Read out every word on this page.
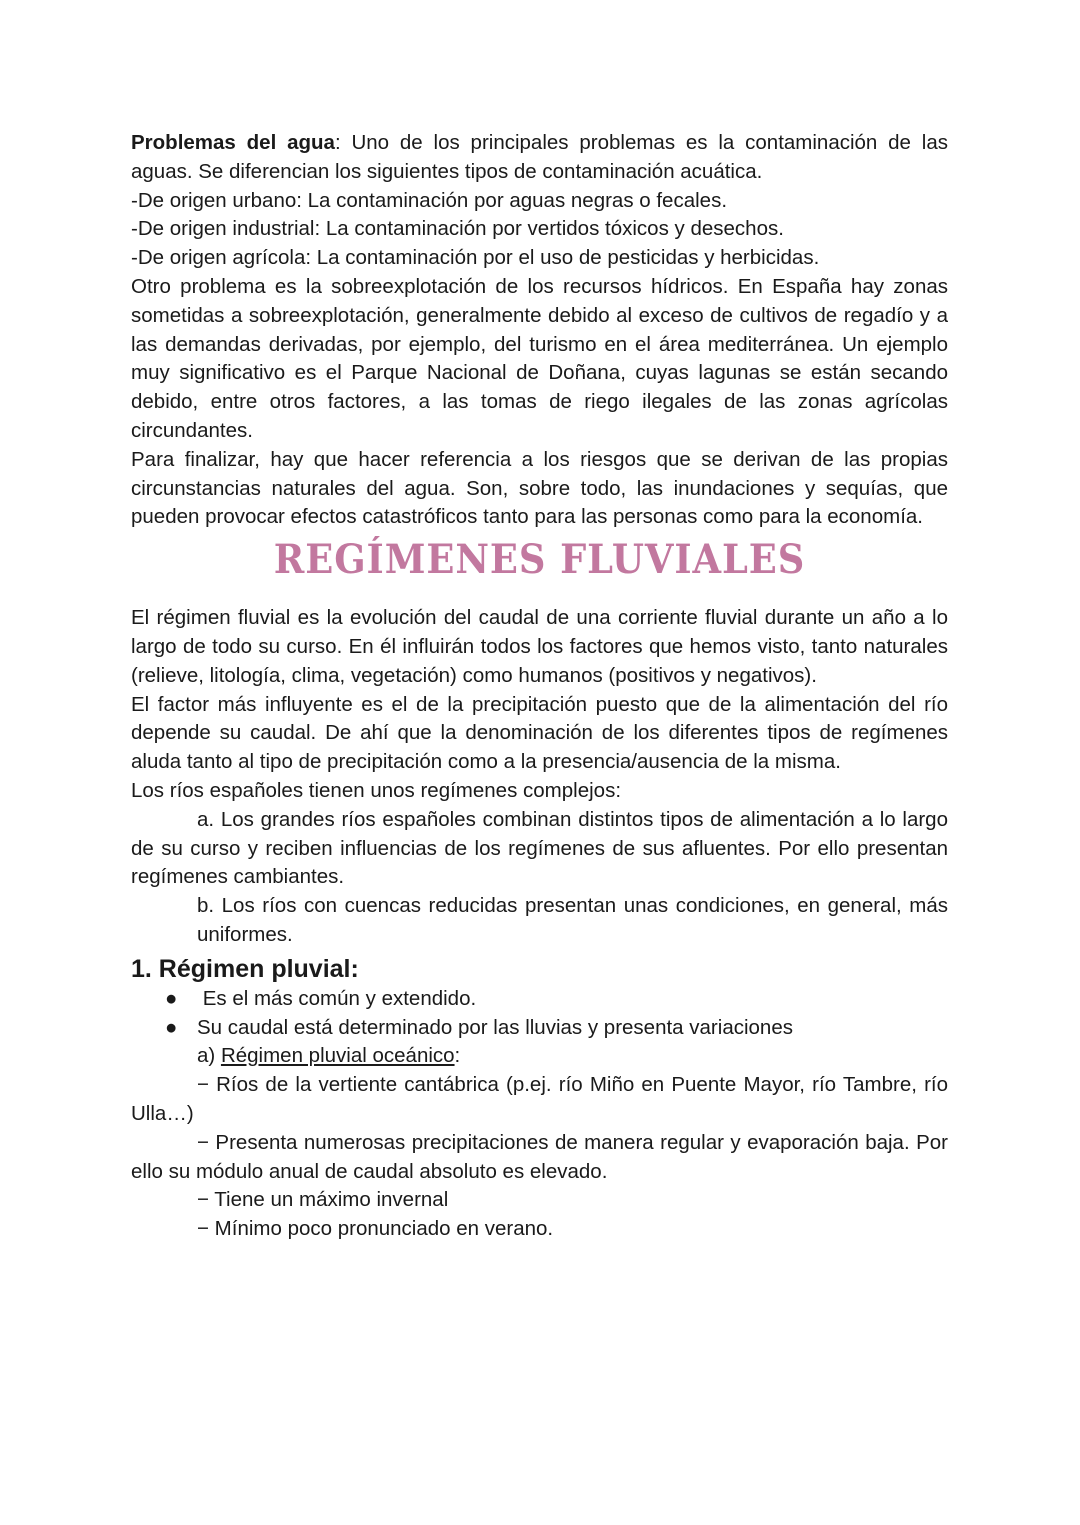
Problemas del agua: Uno de los principales problemas es la contaminación de las aguas. Se diferencian los siguientes tipos de contaminación acuática.

-De origen urbano: La contaminación por aguas negras o fecales.

-De origen industrial: La contaminación por vertidos tóxicos y desechos.

-De origen agrícola: La contaminación por el uso de pesticidas y herbicidas.

Otro problema es la sobreexplotación de los recursos hídricos. En España hay zonas sometidas a sobreexplotación, generalmente debido al exceso de cultivos de regadío y a las demandas derivadas, por ejemplo, del turismo en el área mediterránea. Un ejemplo muy significativo es el Parque Nacional de Doñana, cuyas lagunas se están secando debido, entre otros factores, a las tomas de riego ilegales de las zonas agrícolas circundantes.

Para finalizar, hay que hacer referencia a los riesgos que se derivan de las propias circunstancias naturales del agua. Son, sobre todo, las inundaciones y sequías, que pueden provocar efectos catastróficos tanto para las personas como para la economía.

REGÍMENES FLUVIALES

El régimen fluvial es la evolución del caudal de una corriente fluvial durante un año a lo largo de todo su curso. En él influirán todos los factores que hemos visto, tanto naturales (relieve, litología, clima, vegetación) como humanos (positivos y negativos).

El factor más influyente es el de la precipitación puesto que de la alimentación del río depende su caudal. De ahí que la denominación de los diferentes tipos de regímenes aluda tanto al tipo de precipitación como a la presencia/ausencia de la misma.

Los ríos españoles tienen unos regímenes complejos:

a. Los grandes ríos españoles combinan distintos tipos de alimentación a lo largo de su curso y reciben influencias de los regímenes de sus afluentes. Por ello presentan regímenes cambiantes.

b. Los ríos con cuencas reducidas presentan unas condiciones, en general, más uniformes.

1. Régimen pluvial:

● Es el más común y extendido.

● Su caudal está determinado por las lluvias y presenta variaciones

a) Régimen pluvial oceánico:

− Ríos de la vertiente cantábrica (p.ej. río Miño en Puente Mayor, río Tambre, río Ulla…)

− Presenta numerosas precipitaciones de manera regular y evaporación baja. Por ello su módulo anual de caudal absoluto es elevado.

− Tiene un máximo invernal

− Mínimo poco pronunciado en verano.
